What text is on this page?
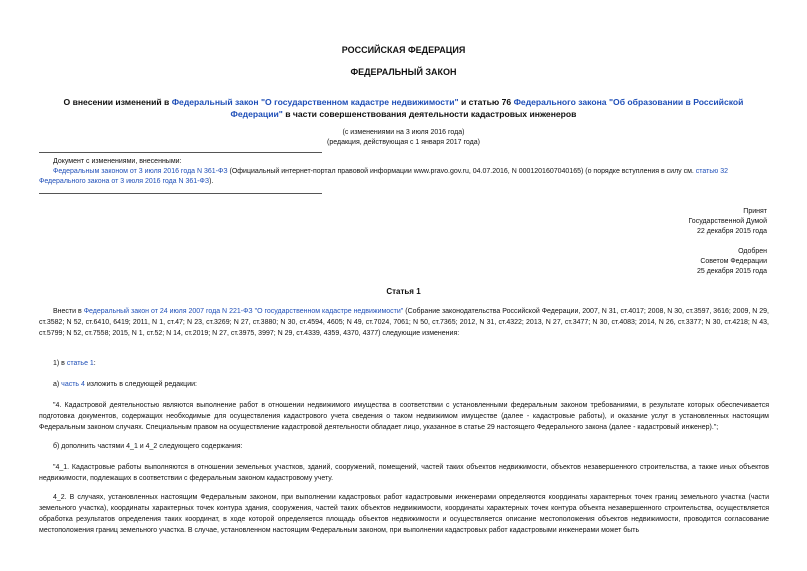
РОССИЙСКАЯ ФЕДЕРАЦИЯ
ФЕДЕРАЛЬНЫЙ ЗАКОН
О внесении изменений в Федеральный закон "О государственном кадастре недвижимости" и статью 76 Федерального закона "Об образовании в Российской
Федерации" в части совершенствования деятельности кадастровых инженеров
(с изменениями на 3 июля 2016 года)
(редакция, действующая с 1 января 2017 года)
Документ с изменениями, внесенными:
Федеральным законом от 3 июля 2016 года N 361-ФЗ (Официальный интернет-портал правовой информации www.pravo.gov.ru, 04.07.2016, N 0001201607040165) (о порядке вступления в силу см. статью 32 Федерального закона от 3 июля 2016 года N 361-ФЗ).
Принят
Государственной Думой
22 декабря 2015 года
Одобрен
Советом Федерации
25 декабря 2015 года
Статья 1
Внести в Федеральный закон от 24 июля 2007 года N 221-ФЗ "О государственном кадастре недвижимости" (Собрание законодательства Российской Федерации, 2007, N 31, ст.4017; 2008, N 30, ст.3597, 3616; 2009, N 29, ст.3582; N 52, ст.6410, 6419; 2011, N 1, ст.47; N 23, ст.3269; N 27, ст.3880; N 30, ст.4594, 4605; N 49, ст.7024, 7061; N 50, ст.7365; 2012, N 31, ст.4322; 2013, N 27, ст.3477; N 30, ст.4083; 2014, N 26, ст.3377; N 30, ст.4218; N 43, ст.5799; N 52, ст.7558; 2015, N 1, ст.52; N 14, ст.2019; N 27, ст.3975, 3997; N 29, ст.4339, 4359, 4370, 4377) следующие изменения:
1) в статье 1:
а) часть 4 изложить в следующей редакции:
"4. Кадастровой деятельностью являются выполнение работ в отношении недвижимого имущества в соответствии с установленными федеральным законом требованиями, в результате которых обеспечивается подготовка документов, содержащих необходимые для осуществления кадастрового учета сведения о таком недвижимом имуществе (далее - кадастровые работы), и оказание услуг в установленных настоящим Федеральным законом случаях. Специальным правом на осуществление кадастровой деятельности обладает лицо, указанное в статье 29 настоящего Федерального закона (далее - кадастровый инженер).";
б) дополнить частями 4_1 и 4_2 следующего содержания:
"4_1. Кадастровые работы выполняются в отношении земельных участков, зданий, сооружений, помещений, частей таких объектов недвижимости, объектов незавершенного строительства, а также иных объектов недвижимости, подлежащих в соответствии с федеральным законом кадастровому учету.
4_2. В случаях, установленных настоящим Федеральным законом, при выполнении кадастровых работ кадастровыми инженерами определяются координаты характерных точек границ земельного участка (части земельного участка), координаты характерных точек контура здания, сооружения, частей таких объектов недвижимости, координаты характерных точек контура объекта незавершенного строительства, осуществляется обработка результатов определения таких координат, в ходе которой определяется площадь объектов недвижимости и осуществляется описание местоположения объектов недвижимости, проводится согласование местоположения границ земельного участка. В случае, установленном настоящим Федеральным законом, при выполнении кадастровых работ кадастровыми инженерами может быть
